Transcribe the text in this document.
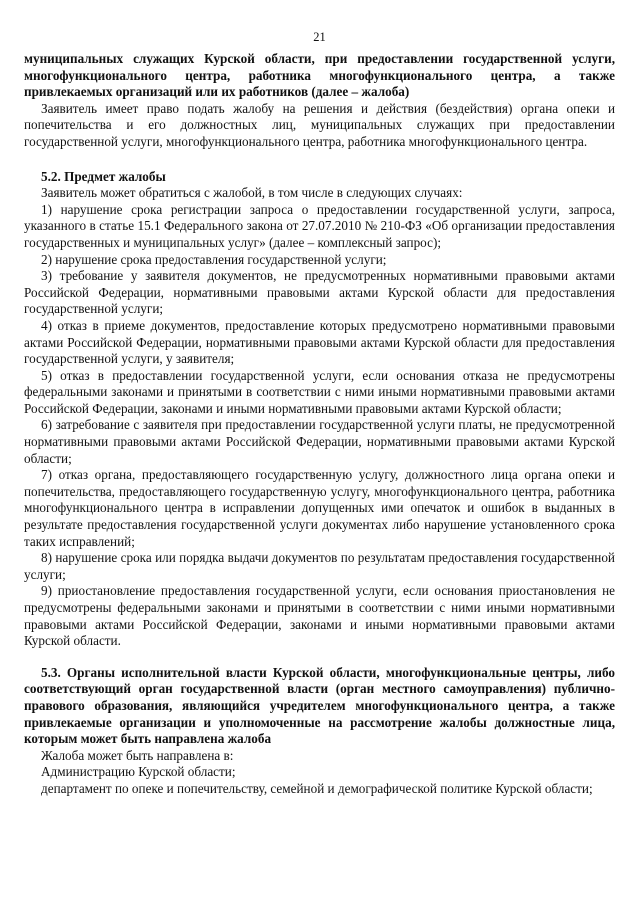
21

муниципальных служащих Курской области, при предоставлении государственной услуги, многофункционального центра, работника многофункционального центра, а также привлекаемых организаций или их работников (далее – жалоба)

Заявитель имеет право подать жалобу на решения и действия (бездействия) органа опеки и попечительства и его должностных лиц, муниципальных служащих при предоставлении государственной услуги, многофункционального центра, работника многофункционального центра.

5.2. Предмет жалобы

Заявитель может обратиться с жалобой, в том числе в следующих случаях:

1) нарушение срока регистрации запроса о предоставлении государственной услуги, запроса, указанного в статье 15.1 Федерального закона от 27.07.2010 № 210-ФЗ «Об организации предоставления государственных и муниципальных услуг» (далее – комплексный запрос);

2) нарушение срока предоставления государственной услуги;

3) требование у заявителя документов, не предусмотренных нормативными правовыми актами Российской Федерации, нормативными правовыми актами Курской области для предоставления государственной услуги;

4) отказ в приеме документов, предоставление которых предусмотрено нормативными правовыми актами Российской Федерации, нормативными правовыми актами Курской области для предоставления государственной услуги, у заявителя;

5) отказ в предоставлении государственной услуги, если основания отказа не предусмотрены федеральными законами и принятыми в соответствии с ними иными нормативными правовыми актами Российской Федерации, законами и иными нормативными правовыми актами Курской области;

6) затребование с заявителя при предоставлении государственной услуги платы, не предусмотренной нормативными правовыми актами Российской Федерации, нормативными правовыми актами Курской области;

7) отказ органа, предоставляющего государственную услугу, должностного лица органа опеки и попечительства, предоставляющего государственную услугу, многофункционального центра, работника многофункционального центра в исправлении допущенных ими опечаток и ошибок в выданных в результате предоставления государственной услуги документах либо нарушение установленного срока таких исправлений;

8) нарушение срока или порядка выдачи документов по результатам предоставления государственной услуги;

9) приостановление предоставления государственной услуги, если основания приостановления не предусмотрены федеральными законами и принятыми в соответствии с ними иными нормативными правовыми актами Российской Федерации, законами и иными нормативными правовыми актами Курской области.

5.3. Органы исполнительной власти Курской области, многофункциональные центры, либо соответствующий орган государственной власти (орган местного самоуправления) публично-правового образования, являющийся учредителем многофункционального центра, а также привлекаемые организации и уполномоченные на рассмотрение жалобы должностные лица, которым может быть направлена жалоба

Жалоба может быть направлена в:

Администрацию Курской области;

департамент по опеке и попечительству, семейной и демографической политике Курской области;
